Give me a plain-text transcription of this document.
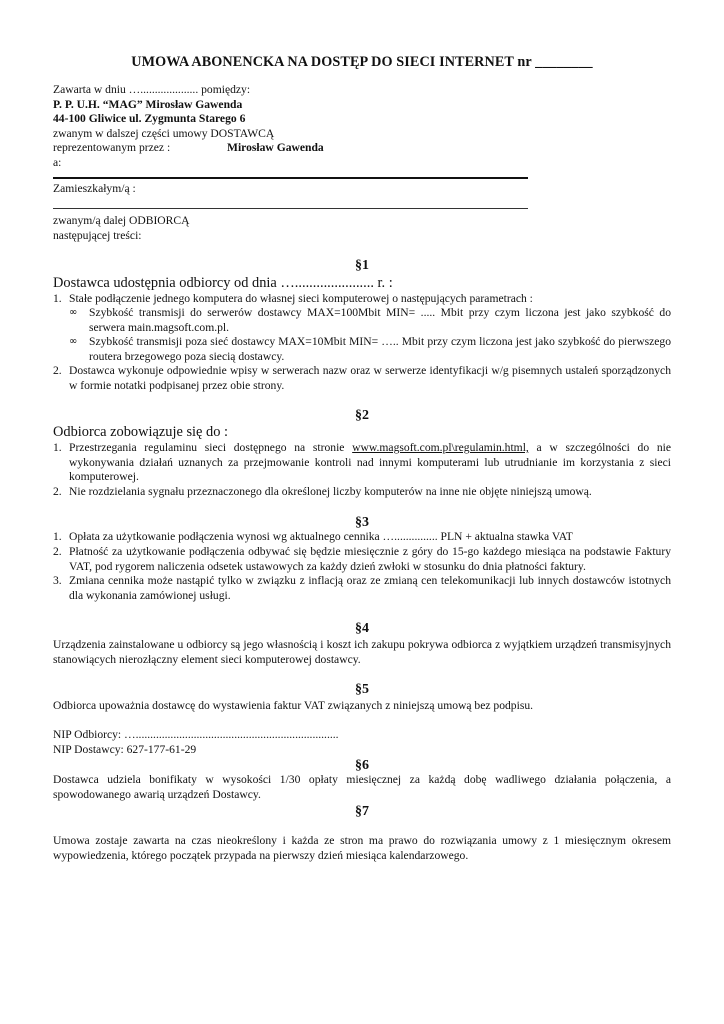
UMOWA ABONENCKA NA DOSTĘP DO SIECI INTERNET nr ________
Zawarta w dniu ….................... pomiędzy:
P. P. U.H. “MAG” Mirosław Gawenda
44-100 Gliwice ul. Zygmunta Starego 6
zwanym w dalszej części umowy DOSTAWCĄ
reprezentowanym przez :	Mirosław Gawenda
a:
Zamieszkałym/ą :
zwanym/ą dalej ODBIORCĄ
następującej treści:
§1
Dostawca udostępnia odbiorcy od dnia …...................... r. :
1. Stałe podłączenie jednego komputera do własnej sieci komputerowej o następujących parametrach :
∞ Szybkość transmisji do serwerów dostawcy MAX=100Mbit MIN= ..... Mbit przy czym liczona jest jako szybkość do serwera main.magsoft.com.pl.
∞ Szybkość transmisji poza sieć dostawcy MAX=10Mbit MIN= ….. Mbit przy czym liczona jest jako szybkość do pierwszego routera brzegowego poza siecią dostawcy.
2. Dostawca wykonuje odpowiednie wpisy w serwerach nazw oraz w serwerze identyfikacji w/g pisemnych ustaleń sporządzonych w formie notatki podpisanej przez obie strony.
§2
Odbiorca zobowiązuje się do :
1. Przestrzegania regulaminu sieci dostępnego na stronie www.magsoft.com.pl\regulamin.html, a w szczególności do nie wykonywania działań uznanych za przejmowanie kontroli nad innymi komputerami lub utrudnianie im korzystania z sieci komputerowej.
2. Nie rozdzielania sygnału przeznaczonego dla określonej liczby komputerów na inne nie objęte niniejszą umową.
§3
1. Opłata za użytkowanie podłączenia wynosi wg aktualnego cennika …............... PLN + aktualna stawka VAT
2. Płatność za użytkowanie podłączenia odbywać się będzie miesięcznie z góry do 15-go każdego miesiąca na podstawie Faktury VAT, pod rygorem naliczenia odsetek ustawowych za każdy dzień zwłoki w stosunku do dnia płatności faktury.
3. Zmiana cennika może nastąpić tylko w związku z inflacją oraz ze zmianą cen telekomunikacji lub innych dostawców istotnych dla wykonania zamówionej usługi.
§4
Urządzenia zainstalowane u odbiorcy są jego własnością i koszt ich zakupu pokrywa odbiorca z wyjątkiem urządzeń transmisyjnych stanowiących nierozłączny element sieci komputerowej dostawcy.
§5
Odbiorca upoważnia dostawcę do wystawienia faktur VAT związanych z niniejszą umową bez podpisu.
NIP Odbiorcy: …......................................................................
NIP Dostawcy: 627-177-61-29
§6
Dostawca udziela bonifikaty w wysokości 1/30 opłaty miesięcznej za każdą dobę wadliwego działania połączenia, a spowodowanego awarią urządzeń Dostawcy.
§7
Umowa zostaje zawarta na czas nieokreślony i każda ze stron ma prawo do rozwiązania umowy z 1 miesięcznym okresem wypowiedzenia, którego początek przypada na pierwszy dzień miesiąca kalendarzowego.
